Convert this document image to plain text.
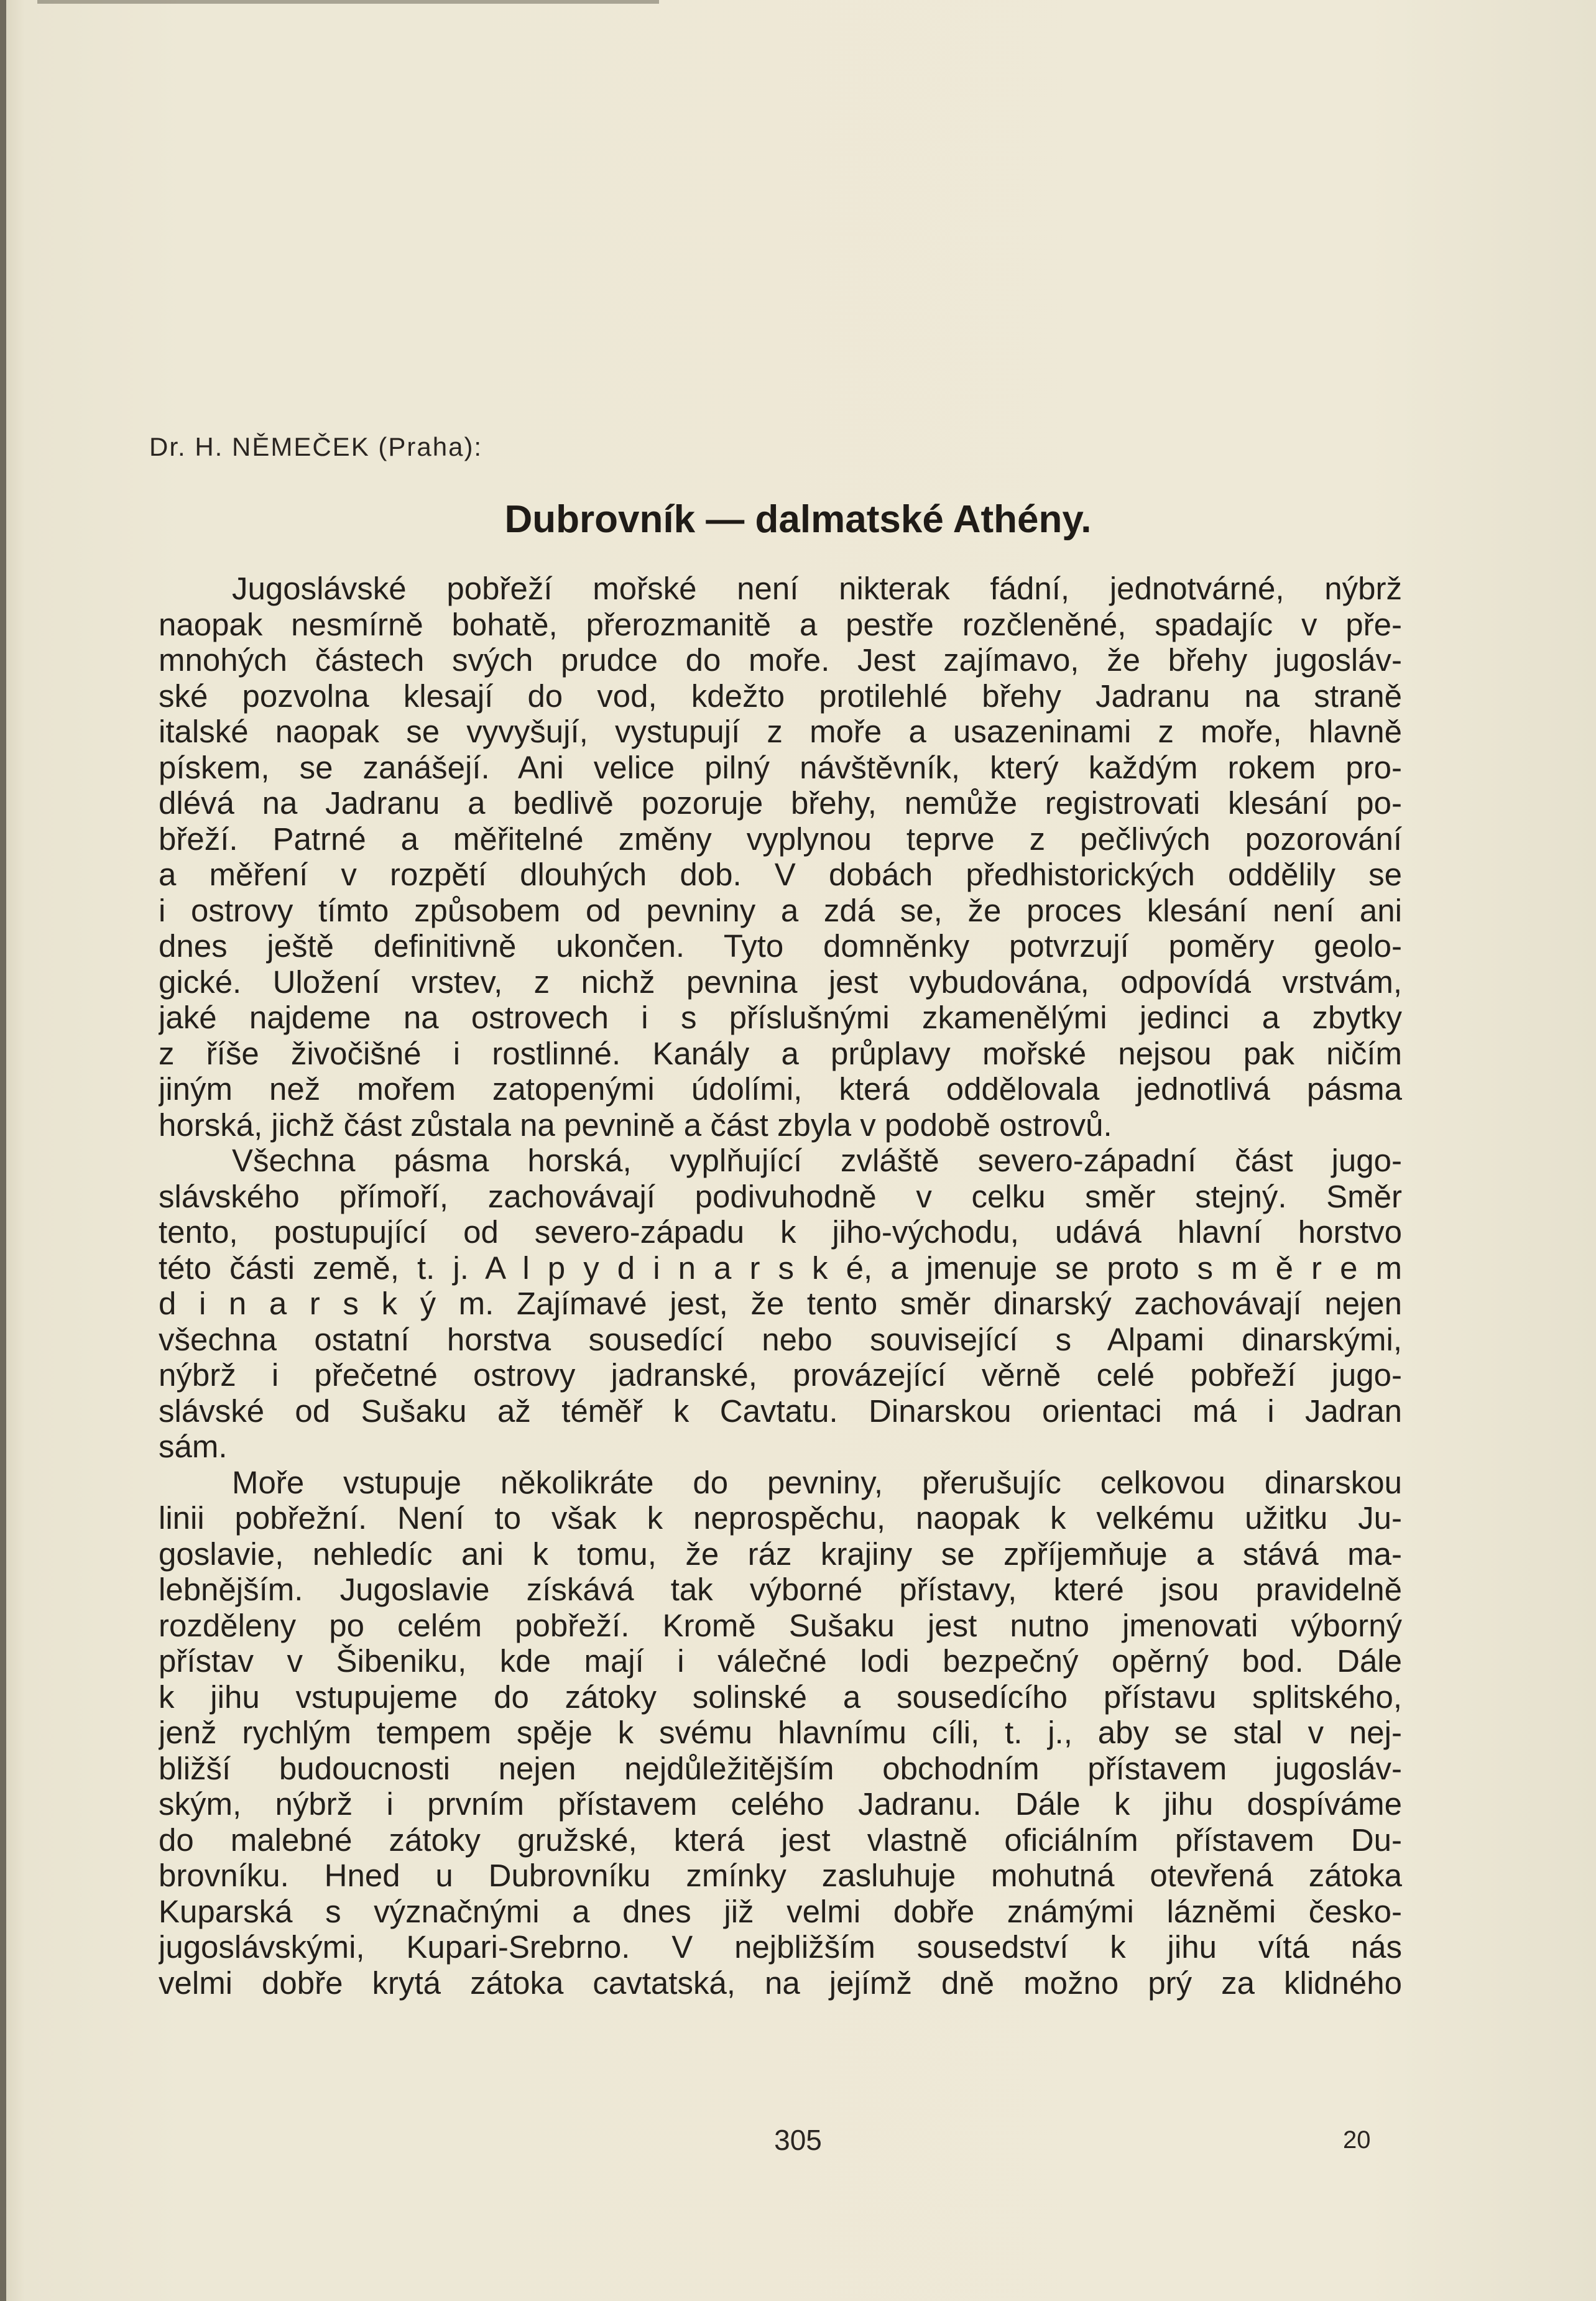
Dr. H. NĚMEČEK (Praha):
Dubrovník — dalmatské Athény.
Jugoslávské pobřeží mořské není nikterak fádní, jednotvárné, nýbrž
naopak nesmírně bohatě, přerozmanitě a pestře rozčleněné, spadajíc v pře-
mnohých částech svých prudce do moře. Jest zajímavo, že břehy jugosláv-
ské pozvolna klesají do vod, kdežto protilehlé břehy Jadranu na straně
italské naopak se vyvyšují, vystupují z moře a usazeninami z moře, hlavně
pískem, se zanášejí. Ani velice pilný návštěvník, který každým rokem pro-
dlévá na Jadranu a bedlivě pozoruje břehy, nemůže registrovati klesání po-
břeží. Patrné a měřitelné změny vyplynou teprve z pečlivých pozorování
a měření v rozpětí dlouhých dob. V dobách předhistorických oddělily se
i ostrovy tímto způsobem od pevniny a zdá se, že proces klesání není ani
dnes ještě definitivně ukončen. Tyto domněnky potvrzují poměry geolo-
gické. Uložení vrstev, z nichž pevnina jest vybudována, odpovídá vrstvám,
jaké najdeme na ostrovech i s příslušnými zkamenělými jedinci a zbytky
z říše živočišné i rostlinné. Kanály a průplavy mořské nejsou pak ničím
jiným než mořem zatopenými údolími, která oddělovala jednotlivá pásma
horská, jichž část zůstala na pevnině a část zbyla v podobě ostrovů.
Všechna pásma horská, vyplňující zvláště severo-západní část jugo-
slávského přímoří, zachovávají podivuhodně v celku směr stejný. Směr
tento, postupující od severo-západu k jiho-východu, udává hlavní horstvo
této části země, t. j. A l p y d i n a r s k é, a jmenuje se proto s m ě r e m
d i n a r s k ý m. Zajímavé jest, že tento směr dinarský zachovávají nejen
všechna ostatní horstva sousedící nebo související s Alpami dinarskými,
nýbrž i přečetné ostrovy jadranské, provázející věrně celé pobřeží jugo-
slávské od Sušaku až téměř k Cavtatu. Dinarskou orientaci má i Jadran
sám.
Moře vstupuje několikráte do pevniny, přerušujíc celkovou dinarskou
linii pobřežní. Není to však k neprospěchu, naopak k velkému užitku Ju-
goslavie, nehledíc ani k tomu, že ráz krajiny se zpříjemňuje a stává ma-
lebnějším. Jugoslavie získává tak výborné přístavy, které jsou pravidelně
rozděleny po celém pobřeží. Kromě Sušaku jest nutno jmenovati výborný
přístav v Šibeniku, kde mají i válečné lodi bezpečný opěrný bod. Dále
k jihu vstupujeme do zátoky solinské a sousedícího přístavu splitského,
jenž rychlým tempem spěje k svému hlavnímu cíli, t. j., aby se stal v nej-
bližší budoucnosti nejen nejdůležitějším obchodním přístavem jugosláv-
ským, nýbrž i prvním přístavem celého Jadranu. Dále k jihu dospíváme
do malebné zátoky gružské, která jest vlastně oficiálním přístavem Du-
brovníku. Hned u Dubrovníku zmínky zasluhuje mohutná otevřená zátoka
Kuparská s význačnými a dnes již velmi dobře známými lázněmi česko-
jugoslávskými, Kupari-Srebrno. V nejbližším sousedství k jihu vítá nás
velmi dobře krytá zátoka cavtatská, na jejímž dně možno prý za klidného
305	20
